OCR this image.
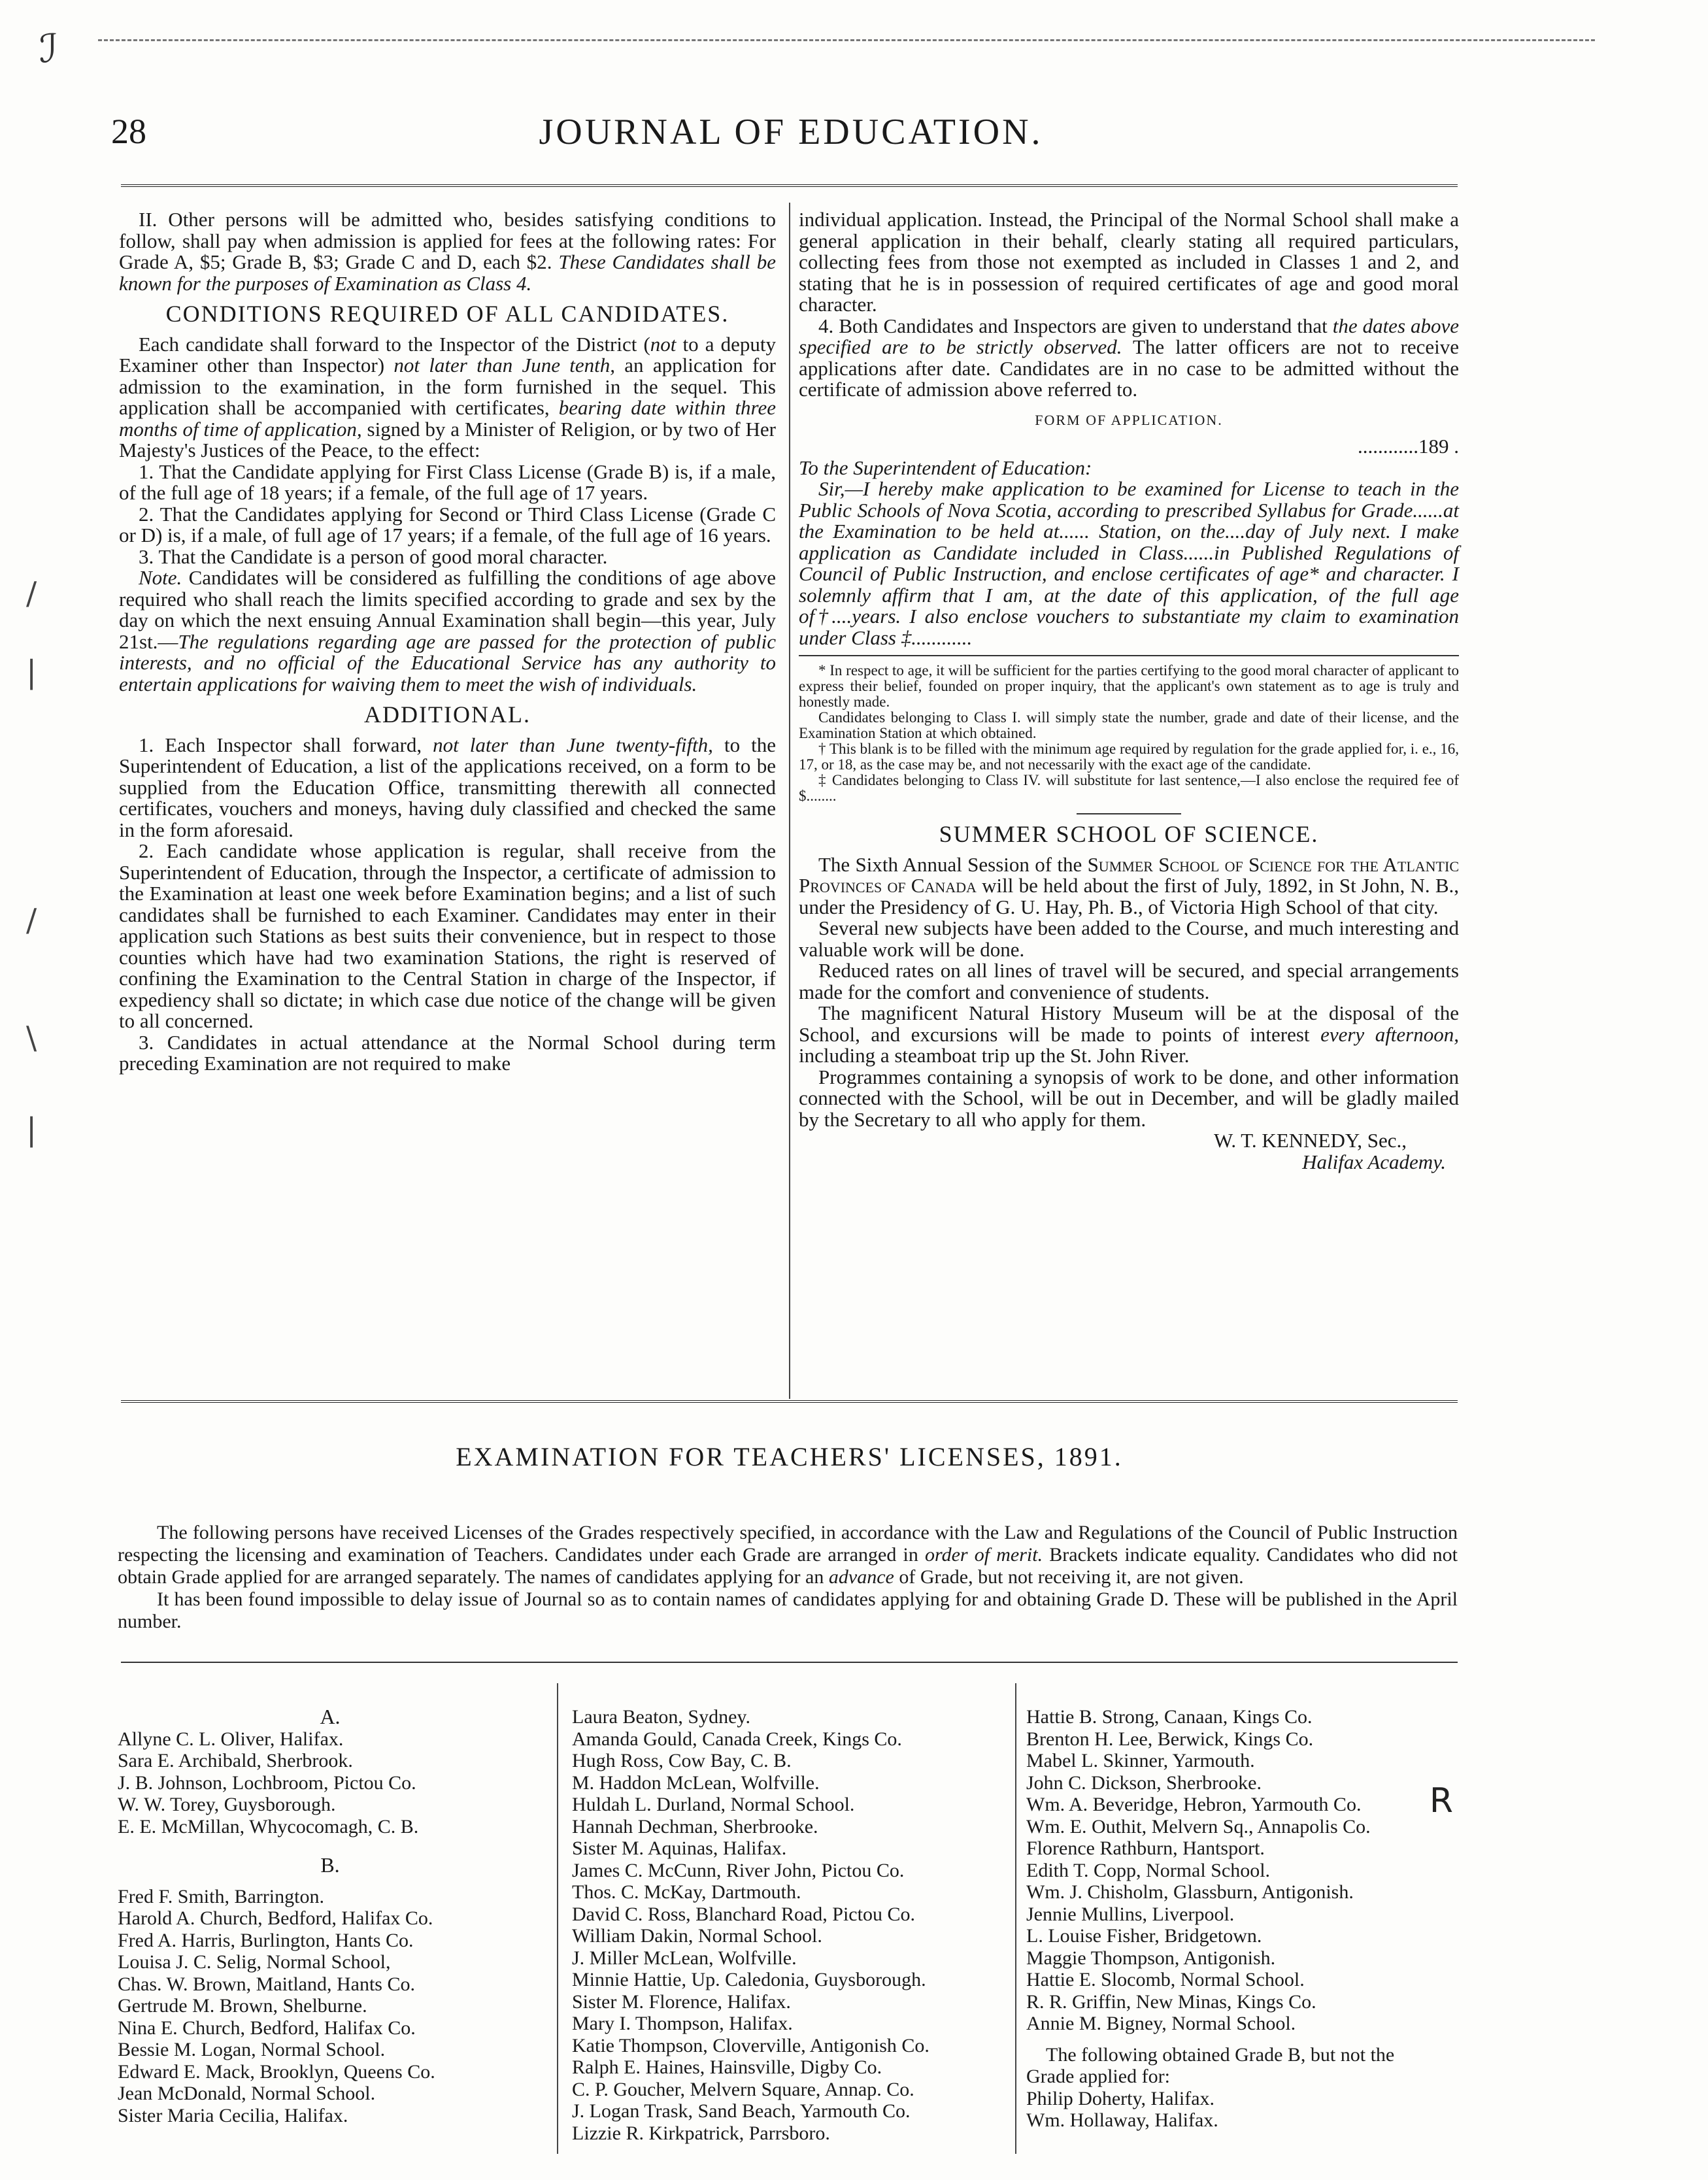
ℐ
28	JOURNAL OF EDUCATION.

II. Other persons will be admitted who, besides satisfying conditions to follow, shall pay when admission is applied for fees at the following rates: For Grade A, $5; Grade B, $3; Grade C and D, each $2. These Candidates shall be known for the purposes of Examination as Class 4.

CONDITIONS REQUIRED OF ALL CANDIDATES.

Each candidate shall forward to the Inspector of the District (not to a deputy Examiner other than Inspector) not later than June tenth, an application for admission to the examination, in the form furnished in the sequel. This application shall be accompanied with certificates, bearing date within three months of time of application, signed by a Minister of Religion, or by two of Her Majesty's Justices of the Peace, to the effect:

1. That the Candidate applying for First Class License (Grade B) is, if a male, of the full age of 18 years; if a female, of the full age of 17 years.

2. That the Candidates applying for Second or Third Class License (Grade C or D) is, if a male, of full age of 17 years; if a female, of the full age of 16 years.

3. That the Candidate is a person of good moral character.

Note. Candidates will be considered as fulfilling the conditions of age above required who shall reach the limits specified according to grade and sex by the day on which the next ensuing Annual Examination shall begin—this year, July 21st.—The regulations regarding age are passed for the protection of public interests, and no official of the Educational Service has any authority to entertain applications for waiving them to meet the wish of individuals.

ADDITIONAL.

1. Each Inspector shall forward, not later than June twenty-fifth, to the Superintendent of Education, a list of the applications received, on a form to be supplied from the Education Office, transmitting therewith all connected certificates, vouchers and moneys, having duly classified and checked the same in the form aforesaid.

2. Each candidate whose application is regular, shall receive from the Superintendent of Education, through the Inspector, a certificate of admission to the Examination at least one week before Examination begins; and a list of such candidates shall be furnished to each Examiner. Candidates may enter in their application such Stations as best suits their convenience, but in respect to those counties which have had two examination Stations, the right is reserved of confining the Examination to the Central Station in charge of the Inspector, if expediency shall so dictate; in which case due notice of the change will be given to all concerned.

3. Candidates in actual attendance at the Normal School during term preceding Examination are not required to make

individual application. Instead, the Principal of the Normal School shall make a general application in their behalf, clearly stating all required particulars, collecting fees from those not exempted as included in Classes 1 and 2, and stating that he is in possession of required certificates of age and good moral character.

4. Both Candidates and Inspectors are given to understand that the dates above specified are to be strictly observed. The latter officers are not to receive applications after date. Candidates are in no case to be admitted without the certificate of admission above referred to.

FORM OF APPLICATION.

............189 .

To the Superintendent of Education:

Sir,—I hereby make application to be examined for License to teach in the Public Schools of Nova Scotia, according to prescribed Syllabus for Grade......at the Examination to be held at...... Station, on the....day of July next. I make application as Candidate included in Class......in Published Regulations of Council of Public Instruction, and enclose certificates of age* and character. I solemnly affirm that I am, at the date of this application, of the full age of†....years. I also enclose vouchers to substantiate my claim to examination under Class ‡............

* In respect to age, it will be sufficient for the parties certifying to the good moral character of applicant to express their belief, founded on proper inquiry, that the applicant's own statement as to age is truly and honestly made.

Candidates belonging to Class I. will simply state the number, grade and date of their license, and the Examination Station at which obtained.

† This blank is to be filled with the minimum age required by regulation for the grade applied for, i. e., 16, 17, or 18, as the case may be, and not necessarily with the exact age of the candidate.

‡ Candidates belonging to Class IV. will substitute for last sentence,—I also enclose the required fee of $........

SUMMER SCHOOL OF SCIENCE.

The Sixth Annual Session of the Summer School of Science for the Atlantic Provinces of Canada will be held about the first of July, 1892, in St John, N. B., under the Presidency of G. U. Hay, Ph. B., of Victoria High School of that city.

Several new subjects have been added to the Course, and much interesting and valuable work will be done.

Reduced rates on all lines of travel will be secured, and special arrangements made for the comfort and convenience of students.

The magnificent Natural History Museum will be at the disposal of the School, and excursions will be made to points of interest every afternoon, including a steamboat trip up the St. John River.

Programmes containing a synopsis of work to be done, and other information connected with the School, will be out in December, and will be gladly mailed by the Secretary to all who apply for them.

W. T. KENNEDY, Sec.,

Halifax Academy.

EXAMINATION FOR TEACHERS' LICENSES, 1891.

The following persons have received Licenses of the Grades respectively specified, in accordance with the Law and Regulations of the Council of Public Instruction respecting the licensing and examination of Teachers. Candidates under each Grade are arranged in order of merit. Brackets indicate equality. Candidates who did not obtain Grade applied for are arranged separately. The names of candidates applying for an advance of Grade, but not receiving it, are not given.

It has been found impossible to delay issue of Journal so as to contain names of candidates applying for and obtaining Grade D. These will be published in the April number.

A.
Allyne C. L. Oliver, Halifax.
Sara E. Archibald, Sherbrook.
J. B. Johnson, Lochbroom, Pictou Co.
W. W. Torey, Guysborough.
E. E. McMillan, Whycocomagh, C. B.
B.
Fred F. Smith, Barrington.
Harold A. Church, Bedford, Halifax Co.
Fred A. Harris, Burlington, Hants Co.
Louisa J. C. Selig, Normal School,
Chas. W. Brown, Maitland, Hants Co.
Gertrude M. Brown, Shelburne.
Nina E. Church, Bedford, Halifax Co.
Bessie M. Logan, Normal School.
Edward E. Mack, Brooklyn, Queens Co.
Jean McDonald, Normal School.
Sister Maria Cecilia, Halifax.
Laura Beaton, Sydney.
Amanda Gould, Canada Creek, Kings Co.
Hugh Ross, Cow Bay, C. B.
M. Haddon McLean, Wolfville.
Huldah L. Durland, Normal School.
Hannah Dechman, Sherbrooke.
Sister M. Aquinas, Halifax.
James C. McCunn, River John, Pictou Co.
Thos. C. McKay, Dartmouth.
David C. Ross, Blanchard Road, Pictou Co.
William Dakin, Normal School.
J. Miller McLean, Wolfville.
Minnie Hattie, Up. Caledonia, Guysborough.
Sister M. Florence, Halifax.
Mary I. Thompson, Halifax.
Katie Thompson, Cloverville, Antigonish Co.
Ralph E. Haines, Hainsville, Digby Co.
C. P. Goucher, Melvern Square, Annap. Co.
J. Logan Trask, Sand Beach, Yarmouth Co.
Lizzie R. Kirkpatrick, Parrsboro.
Hattie B. Strong, Canaan, Kings Co.
Brenton H. Lee, Berwick, Kings Co.
Mabel L. Skinner, Yarmouth.
John C. Dickson, Sherbrooke.
Wm. A. Beveridge, Hebron, Yarmouth Co.
Wm. E. Outhit, Melvern Sq., Annapolis Co.
Florence Rathburn, Hantsport.
Edith T. Copp, Normal School.
Wm. J. Chisholm, Glassburn, Antigonish.
Jennie Mullins, Liverpool.
L. Louise Fisher, Bridgetown.
Maggie Thompson, Antigonish.
Hattie E. Slocomb, Normal School.
R. R. Griffin, New Minas, Kings Co.
Annie M. Bigney, Normal School.
The following obtained Grade B, but not the Grade applied for:
Philip Doherty, Halifax.
Wm. Hollaway, Halifax.
R
/
|
/
\
|
